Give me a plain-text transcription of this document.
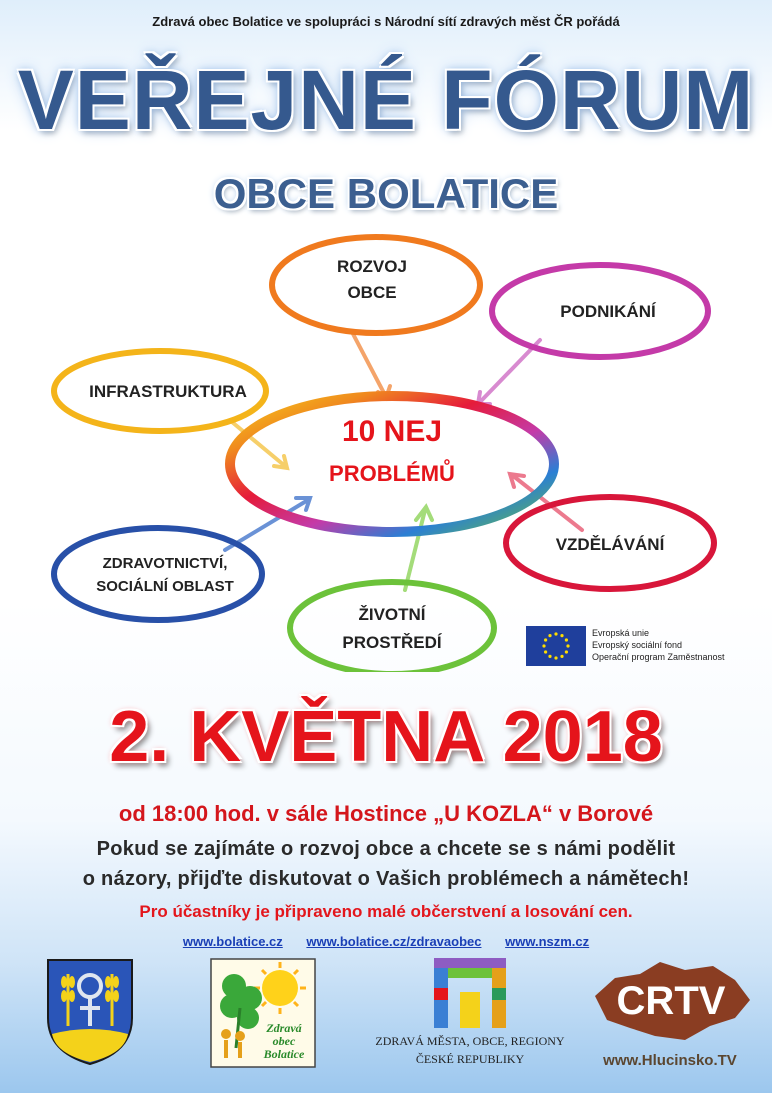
Zdravá obec Bolatice ve spolupráci s Národní sítí zdravých měst ČR pořádá
VEŘEJNÉ FÓRUM
OBCE BOLATICE
10 NEJ
PROBLÉMŮ
ROZVOJ
OBCE
PODNIKÁNÍ
INFRASTRUKTURA
VZDĚLÁVÁNÍ
ZDRAVOTNICTVÍ,
SOCIÁLNÍ OBLAST
ŽIVOTNÍ
PROSTŘEDÍ	Evropská unie
Evropský sociální fond
Operační program Zaměstnanost
2. KVĚTNA 2018
od 18:00 hod. v sále Hostince „U KOZLA“ v Borové
Pokud se zajímáte o rozvoj obce a chcete se s námi podělit
o názory, přijďte diskutovat o Vašich problémech a námětech!
Pro účastníky je připraveno malé občerstvení a losování cen.
www.bolatice.cz www.bolatice.cz/zdravaobec www.nszm.cz
Zdravá
obec
Bolatice
ZDRAVÁ MĚSTA, OBCE, REGIONY
ČESKÉ REPUBLIKY
CRTV
www.Hlucinsko.TV
